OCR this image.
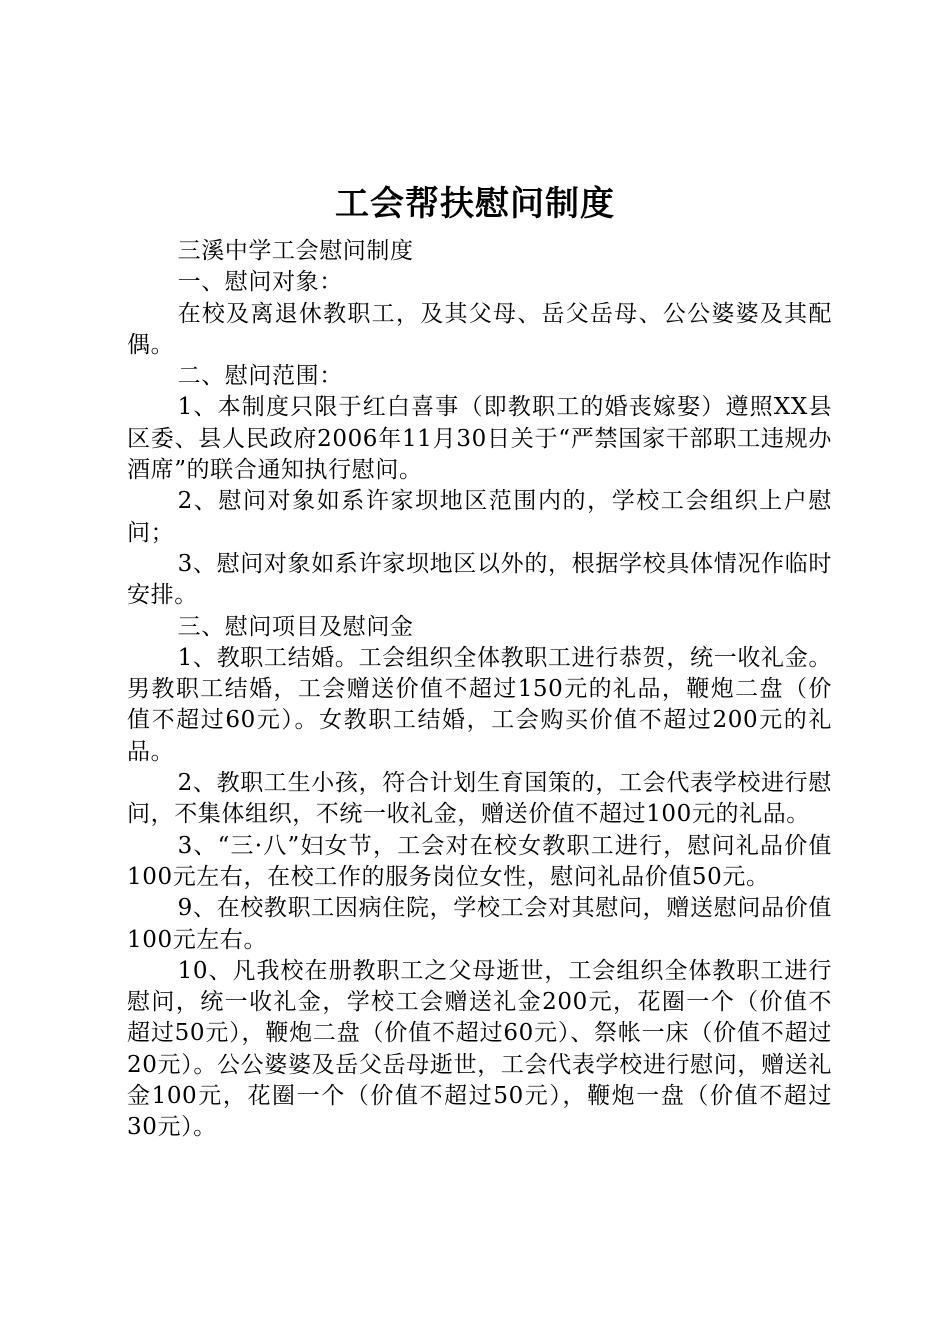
工会帮扶慰问制度

三溪中学工会慰问制度

一、慰问对象：

在校及离退休教职工，及其父母、岳父岳母、公公婆婆及其配偶。

二、慰问范围：

1、本制度只限于红白喜事（即教职工的婚丧嫁娶）遵照XX县区委、县人民政府2006年11月30日关于“严禁国家干部职工违规办酒席”的联合通知执行慰问。

2、慰问对象如系许家坝地区范围内的，学校工会组织上户慰问；

3、慰问对象如系许家坝地区以外的，根据学校具体情况作临时安排。

三、慰问项目及慰问金

1、教职工结婚。工会组织全体教职工进行恭贺，统一收礼金。男教职工结婚，工会赠送价值不超过150元的礼品，鞭炮二盘（价值不超过60元）。女教职工结婚，工会购买价值不超过200元的礼品。

2、教职工生小孩，符合计划生育国策的，工会代表学校进行慰问，不集体组织，不统一收礼金，赠送价值不超过100元的礼品。

3、“三·八”妇女节，工会对在校女教职工进行，慰问礼品价值100元左右，在校工作的服务岗位女性，慰问礼品价值50元。

9、在校教职工因病住院，学校工会对其慰问，赠送慰问品价值100元左右。

10、凡我校在册教职工之父母逝世，工会组织全体教职工进行慰问，统一收礼金，学校工会赠送礼金200元，花圈一个（价值不超过50元），鞭炮二盘（价值不超过60元）、祭帐一床（价值不超过20元）。公公婆婆及岳父岳母逝世，工会代表学校进行慰问，赠送礼金100元，花圈一个（价值不超过50元），鞭炮一盘（价值不超过30元）。
